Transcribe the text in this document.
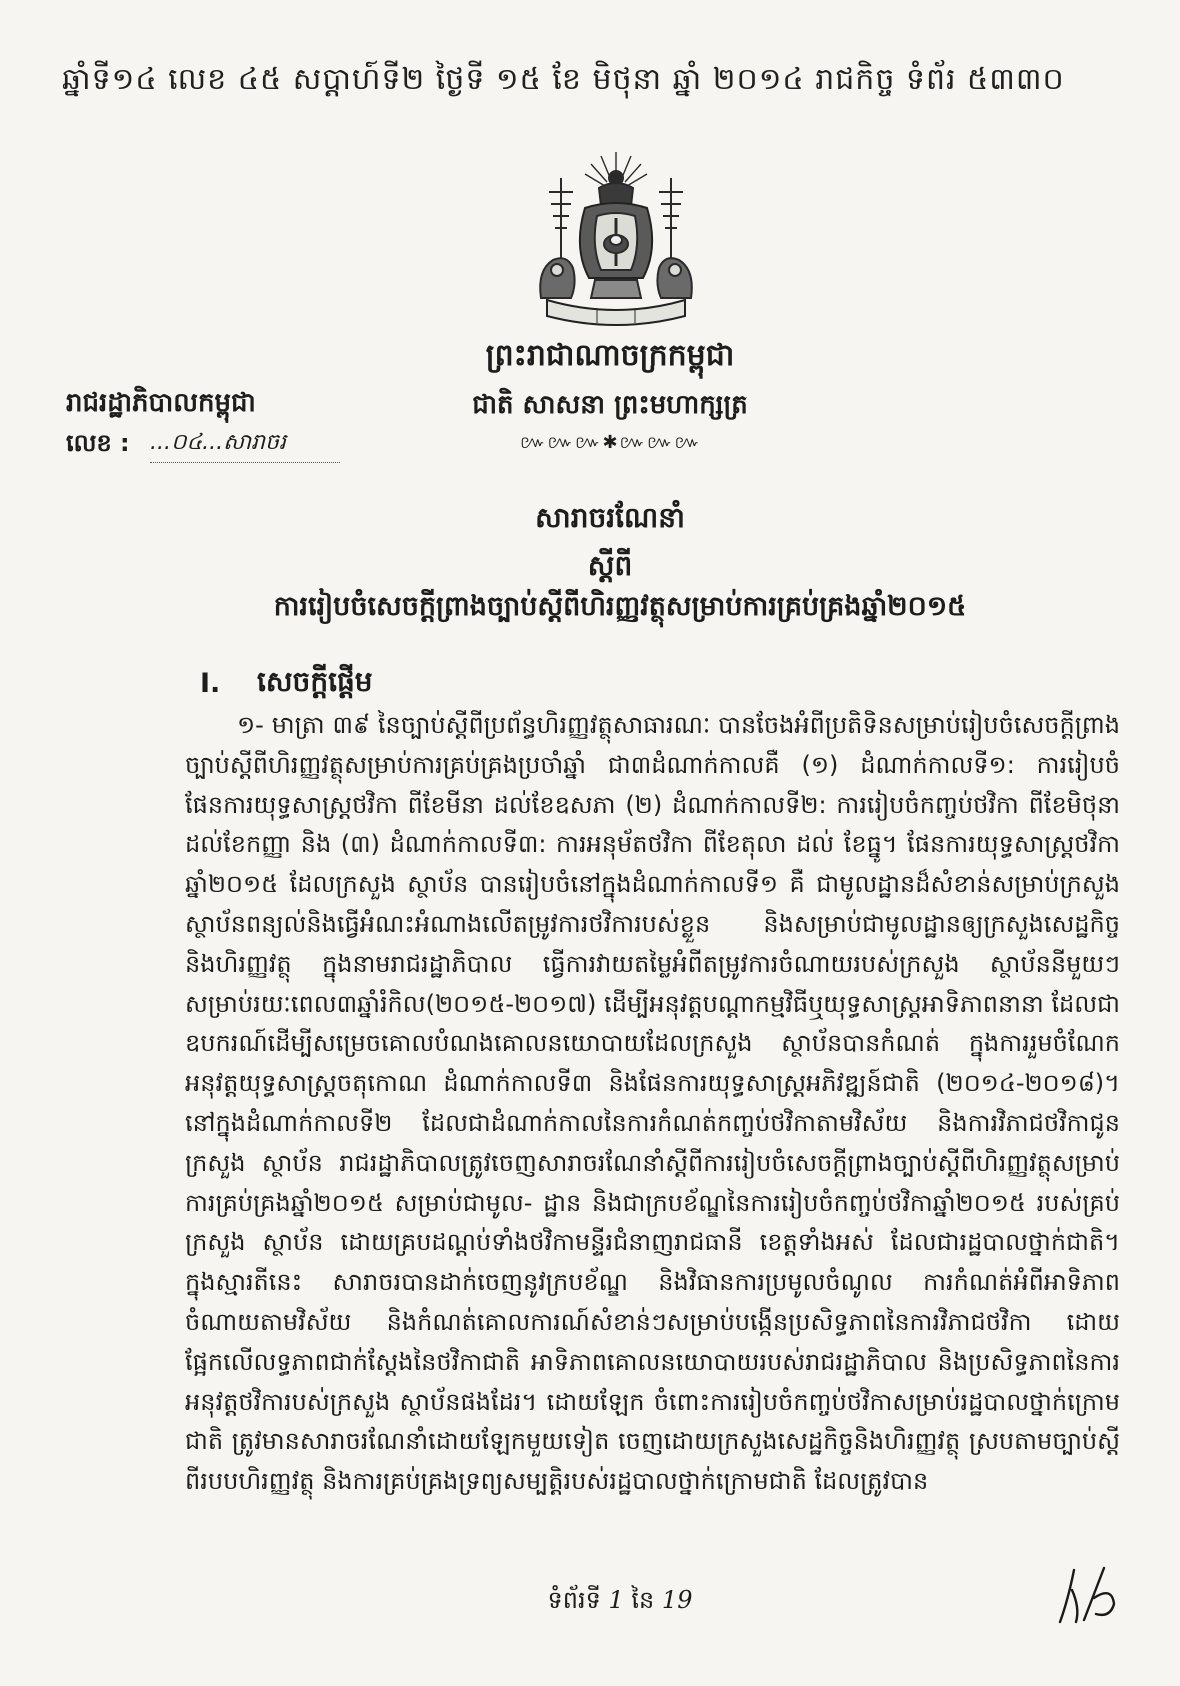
ឆ្នាំទី១៤ លេខ ៤៥ សប្ដាហ៍ទី២ ថ្ងៃទី ១៥ ខែ មិថុនា ឆ្នាំ ២០១៤ រាជកិច្ច ទំព័រ ៥៣៣០
ព្រះរាជាណាចក្រកម្ពុជា
ជាតិ សាសនា ព្រះមហាក្សត្រ
៚៚៚✱៚៚៚
រាជរដ្ឋាភិបាលកម្ពុជា
លេខ : ...០៤...សារាចរ
សារាចរណែនាំ
ស្ដីពី
ការរៀបចំសេចក្ដីព្រាងច្បាប់ស្ដីពីហិរញ្ញវត្ថុសម្រាប់ការគ្រប់គ្រងឆ្នាំ២០១៥
I. សេចក្ដីផ្ដើម

១- មាត្រា ៣៩ នៃច្បាប់ស្ដីពីប្រព័ន្ធហិរញ្ញវត្ថុសាធារណៈ បានចែងអំពីប្រតិទិនសម្រាប់រៀបចំសេចក្ដីព្រាងច្បាប់ស្ដីពីហិរញ្ញវត្ថុសម្រាប់ការគ្រប់គ្រងប្រចាំឆ្នាំ ជា៣ដំណាក់កាលគឺ (១) ដំណាក់កាលទី១: ការរៀបចំផែនការយុទ្ធសាស្ត្រថវិកា ពីខែមីនា ដល់ខែឧសភា (២) ដំណាក់កាលទី២: ការរៀបចំកញ្ចប់ថវិកា ពីខែមិថុនា ដល់ខែកញ្ញា និង (៣) ដំណាក់កាលទី៣: ការអនុម័តថវិកា ពីខែតុលា ដល់ ខែធ្នូ។ ផែនការយុទ្ធសាស្ត្រថវិកាឆ្នាំ២០១៥ ដែលក្រសួង ស្ថាប័ន បានរៀបចំនៅក្នុងដំណាក់កាលទី១ គឺ ជាមូលដ្ឋានដ៏សំខាន់សម្រាប់ក្រសួង ស្ថាប័នពន្យល់និងធ្វើអំណះអំណាងលើតម្រូវការថវិការបស់ខ្លួន និងសម្រាប់ជាមូលដ្ឋានឲ្យក្រសួងសេដ្ឋកិច្ចនិងហិរញ្ញវត្ថុ ក្នុងនាមរាជរដ្ឋាភិបាល ធ្វើការវាយតម្លៃអំពីតម្រូវការចំណាយរបស់ក្រសួង ស្ថាប័ននីមួយៗ សម្រាប់រយៈពេល៣ឆ្នាំរំកិល(២០១៥-២០១៧) ដើម្បីអនុវត្តបណ្ដាកម្មវិធីឬយុទ្ធសាស្ត្រអាទិភាពនានា ដែលជាឧបករណ៍ដើម្បីសម្រេចគោលបំណងគោលនយោបាយដែលក្រសួង ស្ថាប័នបានកំណត់ ក្នុងការរួមចំណែកអនុវត្តយុទ្ធសាស្ត្រចតុកោណ ដំណាក់កាលទី៣ និងផែនការយុទ្ធសាស្ត្រអភិវឌ្ឍន៍ជាតិ (២០១៤-២០១៨)។ នៅក្នុងដំណាក់កាលទី២ ដែលជាដំណាក់កាលនៃការកំណត់កញ្ចប់ថវិកាតាមវិស័យ និងការវិភាជថវិកាជូនក្រសួង ស្ថាប័ន រាជរដ្ឋាភិបាលត្រូវចេញសារាចរណែនាំស្ដីពីការរៀបចំសេចក្ដីព្រាងច្បាប់ស្ដីពីហិរញ្ញវត្ថុសម្រាប់ការគ្រប់គ្រងឆ្នាំ២០១៥ សម្រាប់ជាមូល- ដ្ឋាន និងជាក្របខ័ណ្ឌនៃការរៀបចំកញ្ចប់ថវិកាឆ្នាំ២០១៥ របស់គ្រប់ក្រសួង ស្ថាប័ន ដោយគ្របដណ្ដប់ទាំងថវិកាមន្ទីរជំនាញរាជធានី ខេត្តទាំងអស់ ដែលជារដ្ឋបាលថ្នាក់ជាតិ។ ក្នុងស្មារតីនេះ សារាចរបានដាក់ចេញនូវក្របខ័ណ្ឌ និងវិធានការប្រមូលចំណូល ការកំណត់អំពីអាទិភាពចំណាយតាមវិស័យ និងកំណត់គោលការណ៍សំខាន់ៗសម្រាប់បង្កើនប្រសិទ្ធភាពនៃការវិភាជថវិកា ដោយផ្អែកលើលទ្ធភាពជាក់ស្ដែងនៃថវិកាជាតិ អាទិភាពគោលនយោបាយរបស់រាជរដ្ឋាភិបាល និងប្រសិទ្ធភាពនៃការអនុវត្តថវិការបស់ក្រសួង ស្ថាប័នផងដែរ។ ដោយឡែក ចំពោះការរៀបចំកញ្ចប់ថវិកាសម្រាប់រដ្ឋបាលថ្នាក់ក្រោមជាតិ ត្រូវមានសារាចរណែនាំដោយឡែកមួយទៀត ចេញដោយក្រសួងសេដ្ឋកិច្ចនិងហិរញ្ញវត្ថុ ស្របតាមច្បាប់ស្ដីពីរបបហិរញ្ញវត្ថុ និងការគ្រប់គ្រងទ្រព្យសម្បត្តិរបស់រដ្ឋបាលថ្នាក់ក្រោមជាតិ ដែលត្រូវបាន

ទំព័រទី 1 នៃ 19
